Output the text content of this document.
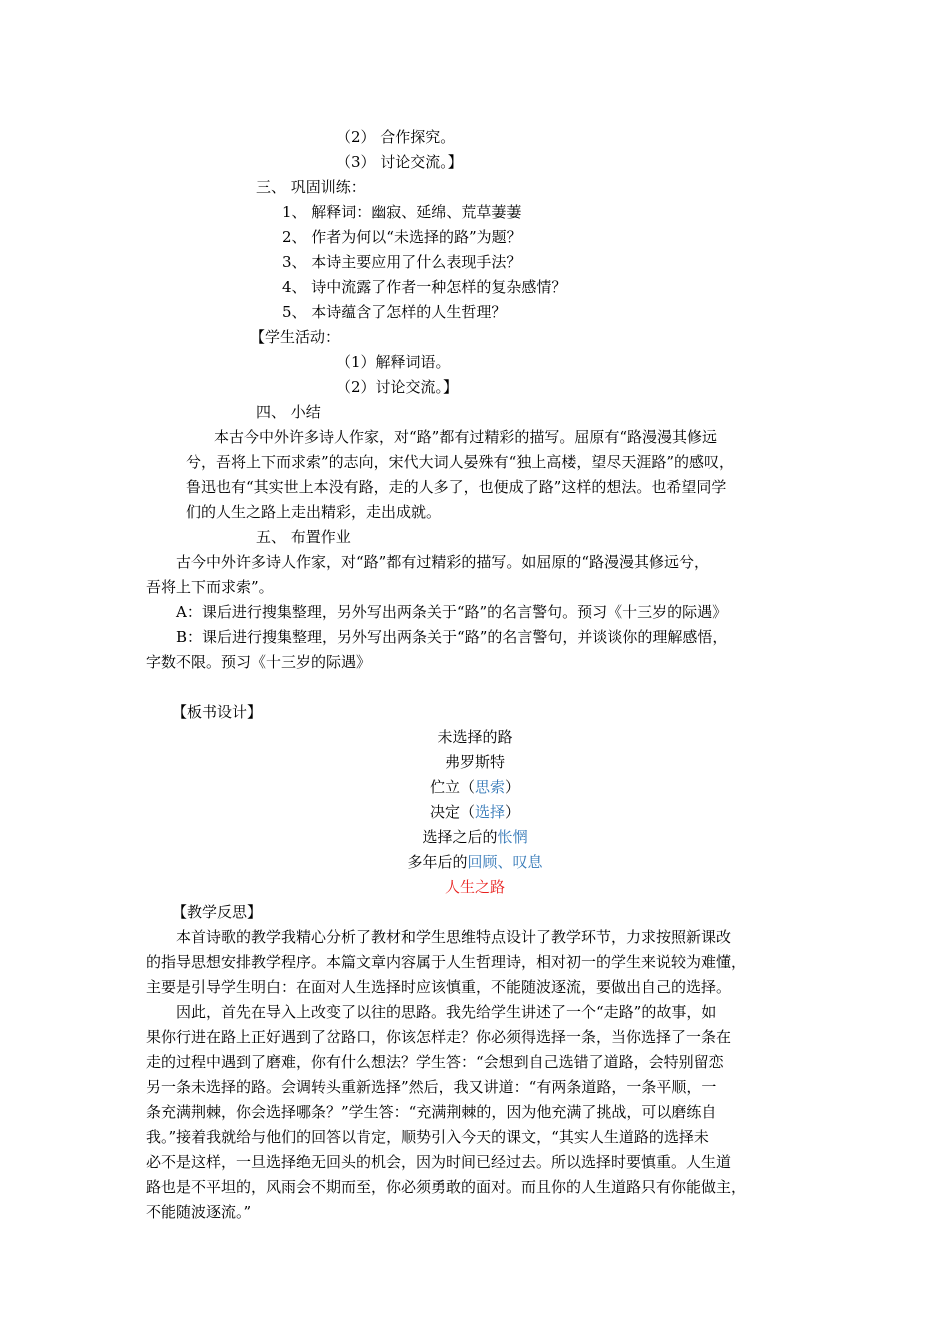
（2） 合作探究。
（3） 讨论交流。】
三、 巩固训练：
1、 解释词：幽寂、延绵、荒草萋萋
2、 作者为何以“未选择的路”为题？
3、 本诗主要应用了什么表现手法？
4、 诗中流露了作者一种怎样的复杂感情？
5、 本诗蕴含了怎样的人生哲理？
【学生活动：
（1）解释词语。
（2）讨论交流。】
四、 小结
本古今中外许多诗人作家，对“路”都有过精彩的描写。屈原有“路漫漫其修远
兮，吾将上下而求索”的志向，宋代大词人晏殊有“独上高楼，望尽天涯路”的感叹，
鲁迅也有“其实世上本没有路，走的人多了，也便成了路”这样的想法。也希望同学
们的人生之路上走出精彩，走出成就。
五、 布置作业
古今中外许多诗人作家，对“路”都有过精彩的描写。如屈原的“路漫漫其修远兮，
吾将上下而求索”。
A：课后进行搜集整理，另外写出两条关于“路”的名言警句。预习《十三岁的际遇》
B：课后进行搜集整理，另外写出两条关于“路”的名言警句，并谈谈你的理解感悟，
字数不限。预习《十三岁的际遇》
【板书设计】
未选择的路
弗罗斯特
伫立（思索）
决定（选择）
选择之后的怅惘
多年后的回顾、叹息
人生之路
【教学反思】
本首诗歌的教学我精心分析了教材和学生思维特点设计了教学环节，力求按照新课改
的指导思想安排教学程序。本篇文章内容属于人生哲理诗，相对初一的学生来说较为难懂，
主要是引导学生明白：在面对人生选择时应该慎重，不能随波逐流，要做出自己的选择。
因此，首先在导入上改变了以往的思路。我先给学生讲述了一个“走路”的故事，如
果你行进在路上正好遇到了岔路口，你该怎样走？你必须得选择一条，当你选择了一条在
走的过程中遇到了磨难，你有什么想法？学生答：“会想到自己选错了道路，会特别留恋
另一条未选择的路。会调转头重新选择”然后，我又讲道：“有两条道路，一条平顺，一
条充满荆棘，你会选择哪条？”学生答：“充满荆棘的，因为他充满了挑战，可以磨练自
我。”接着我就给与他们的回答以肯定，顺势引入今天的课文，“其实人生道路的选择未
必不是这样，一旦选择绝无回头的机会，因为时间已经过去。所以选择时要慎重。人生道
路也是不平坦的，风雨会不期而至，你必须勇敢的面对。而且你的人生道路只有你能做主，
不能随波逐流。”
